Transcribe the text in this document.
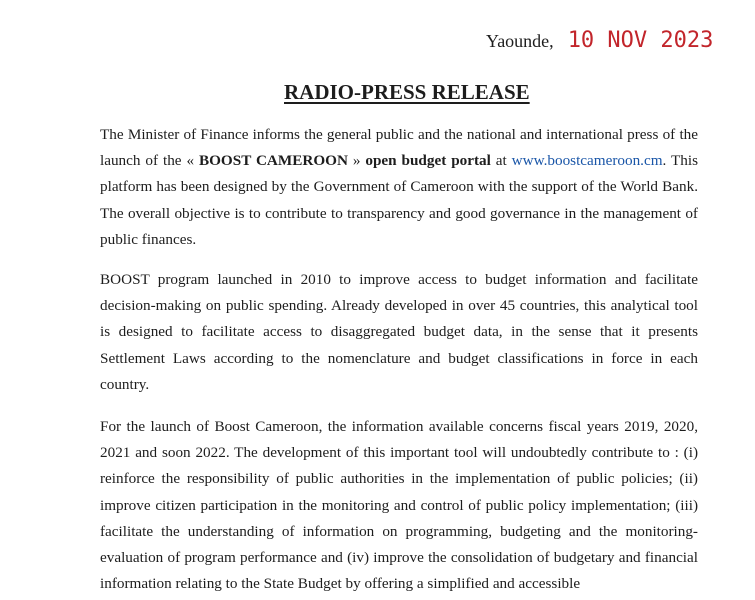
Yaounde, 10 NOV 2023
RADIO-PRESS RELEASE

The Minister of Finance informs the general public and the national and international press of the launch of the « BOOST CAMEROON » open budget portal at www.boostcameroon.cm. This platform has been designed by the Government of Cameroon with the support of the World Bank. The overall objective is to contribute to transparency and good governance in the management of public finances.

BOOST program launched in 2010 to improve access to budget information and facilitate decision-making on public spending. Already developed in over 45 countries, this analytical tool is designed to facilitate access to disaggregated budget data, in the sense that it presents Settlement Laws according to the nomenclature and budget classifications in force in each country.

For the launch of Boost Cameroon, the information available concerns fiscal years 2019, 2020, 2021 and soon 2022. The development of this important tool will undoubtedly contribute to : (i) reinforce the responsibility of public authorities in the implementation of public policies; (ii) improve citizen participation in the monitoring and control of public policy implementation; (iii) facilitate the understanding of information on programming, budgeting and the monitoring-evaluation of program performance and (iv) improve the consolidation of budgetary and financial information relating to the State Budget by offering a simplified and accessible
